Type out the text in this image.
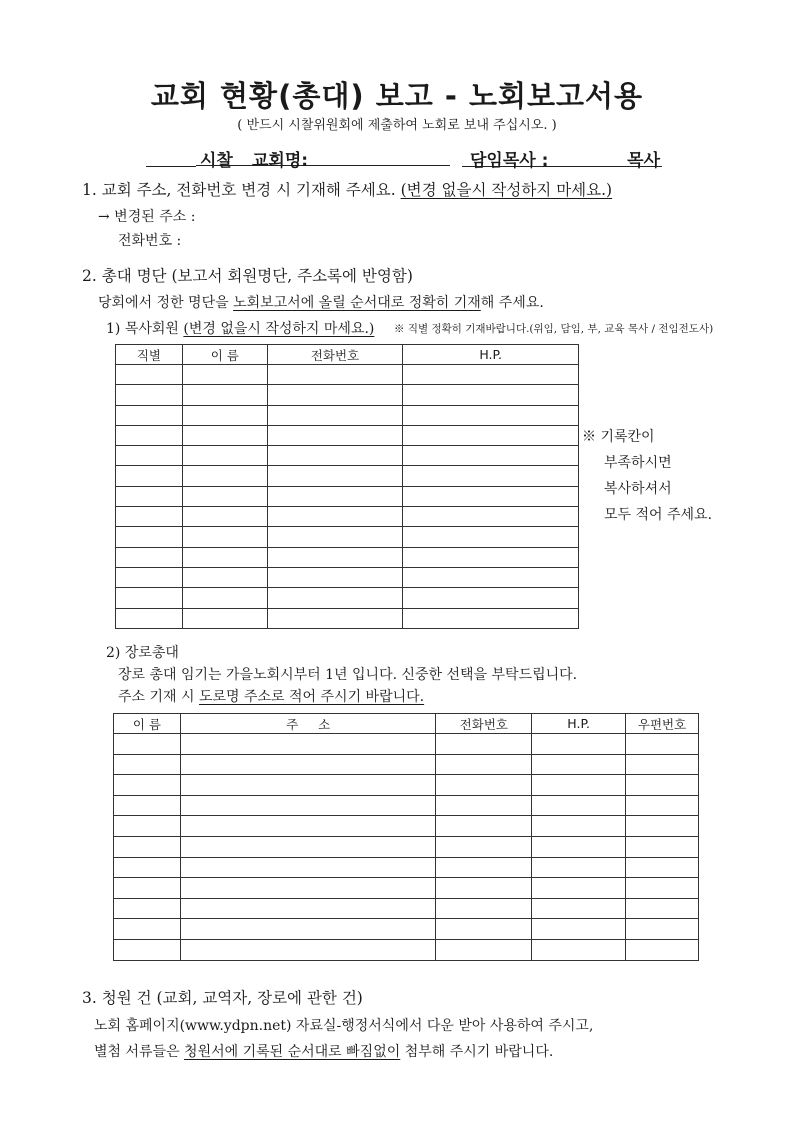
교회 현황(총대) 보고 - 노회보고서용
( 반드시 시찰위원회에 제출하여 노회로 보내 주십시오. )
시찰	교회명:	담임목사 :	목사
1. 교회 주소, 전화번호 변경 시 기재해 주세요. (변경 없을시 작성하지 마세요.)
→ 변경된 주소 :
전화번호 :
2. 총대 명단 (보고서 회원명단, 주소록에 반영함)
당회에서 정한 명단을 노회보고서에 올릴 순서대로 정확히 기재해 주세요.
1) 목사회원 (변경 없을시 작성하지 마세요.) ※ 직별 정확히 기재바랍니다.(위임, 담임, 부, 교육 목사 / 전임전도사)
직별	이 름	전화번호	H.P.

※ 기록칸이
부족하시면
복사하셔서
모두 적어 주세요.
2) 장로총대
장로 총대 임기는 가을노회시부터 1년 입니다. 신중한 선택을 부탁드립니다.
주소 기재 시 도로명 주소로 적어 주시기 바랍니다.
이 름	주     소	전화번호	H.P.	우편번호

3. 청원 건 (교회, 교역자, 장로에 관한 건)
노회 홈페이지(www.ydpn.net) 자료실-행정서식에서 다운 받아 사용하여 주시고,
별첨 서류들은 청원서에 기록된 순서대로 빠짐없이 첨부해 주시기 바랍니다.
